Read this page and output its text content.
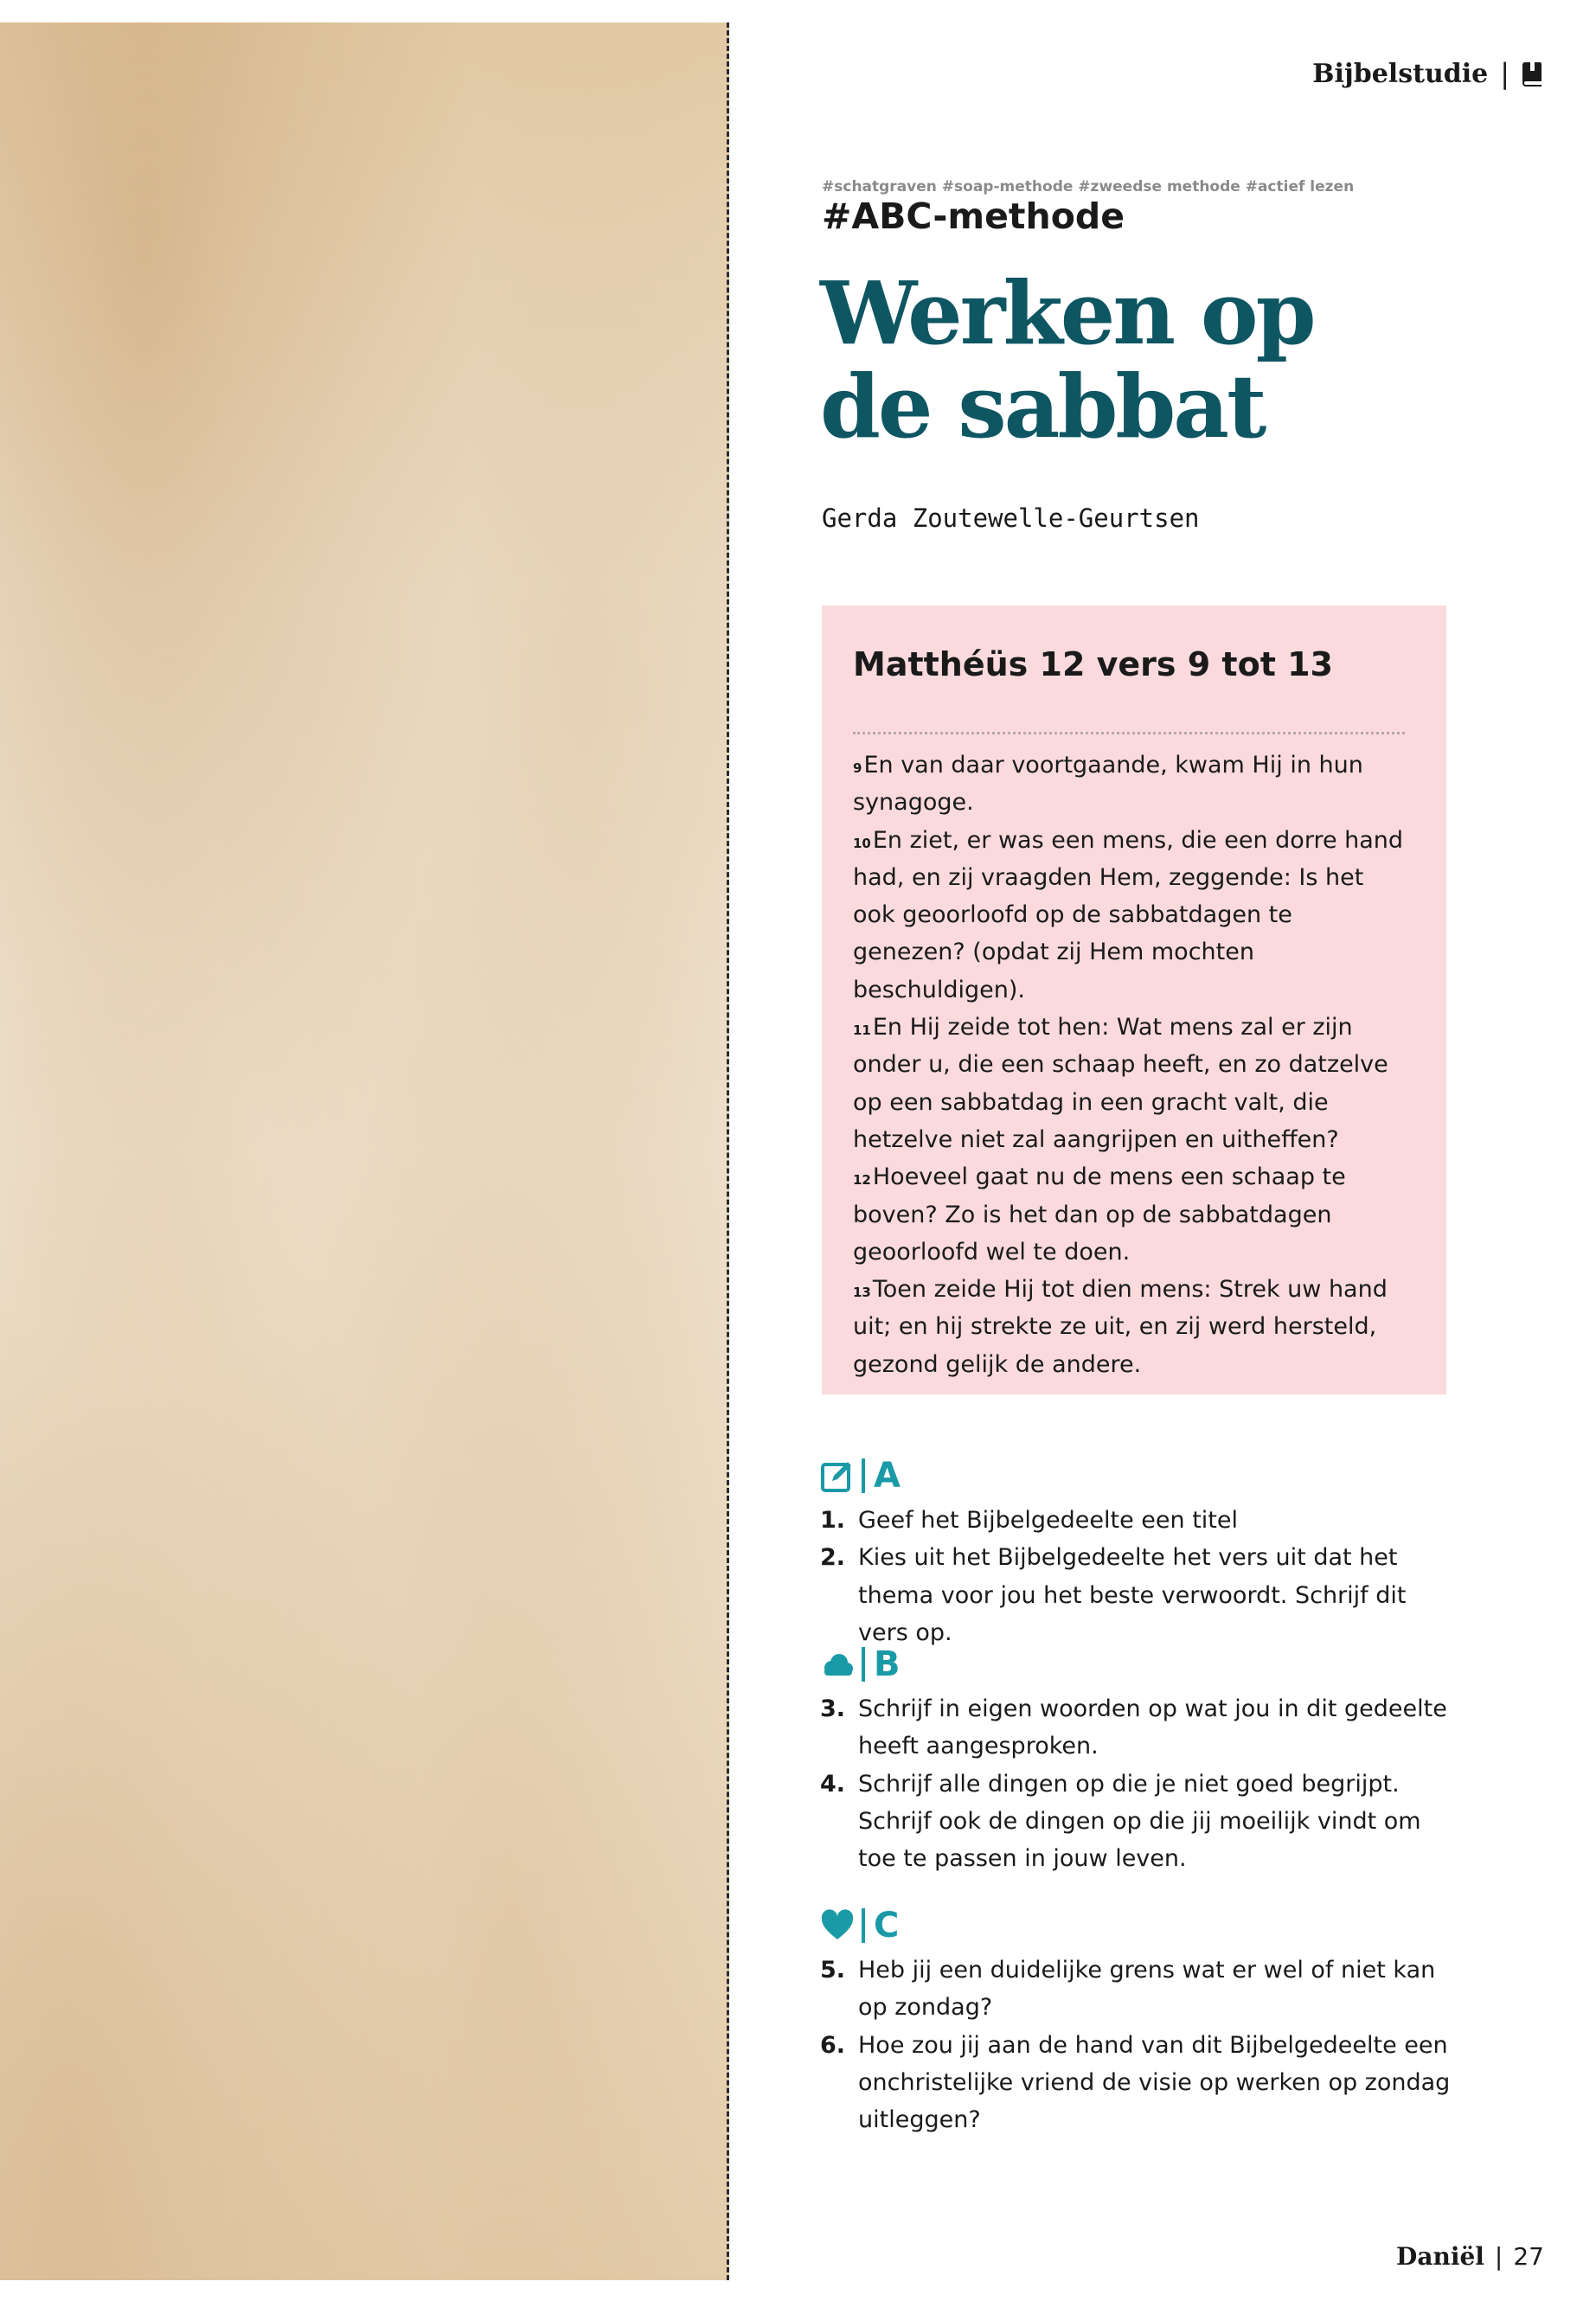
Bijbelstudie |
#schatgraven #soap-methode #zweedse methode #actief lezen
#ABC-methode
Werken op
de sabbat
Gerda Zoutewelle-Geurtsen
Matthéüs 12 vers 9 tot 13
$^9$En van daar voortgaande, kwam Hij in hun synagoge.
$^{10}$En ziet, er was een mens, die een dorre hand had, en zij vraagden Hem, zeggende: Is het ook geoorloofd op de sabbatdagen te genezen? (opdat zij Hem mochten beschuldigen).
$^{11}$En Hij zeide tot hen: Wat mens zal er zijn onder u, die een schaap heeft, en zo datzelve op een sabbatdag in een gracht valt, die hetzelve niet zal aangrijpen en uitheffen?
$^{12}$Hoeveel gaat nu de mens een schaap te boven? Zo is het dan op de sabbatdagen geoorloofd wel te doen.
$^{13}$Toen zeide Hij tot dien mens: Strek uw hand uit; en hij strekte ze uit, en zij werd hersteld, gezond gelijk de andere.
A
1. Geef het Bijbelgedeelte een titel
2. Kies uit het Bijbelgedeelte het vers uit dat het thema voor jou het beste verwoordt. Schrijf dit vers op.
B
3. Schrijf in eigen woorden op wat jou in dit gedeelte heeft aangesproken.
4. Schrijf alle dingen op die je niet goed begrijpt. Schrijf ook de dingen op die jij moeilijk vindt om toe te passen in jouw leven.
C
5. Heb jij een duidelijke grens wat er wel of niet kan op zondag?
6. Hoe zou jij aan de hand van dit Bijbelgedeelte een onchristelijke vriend de visie op werken op zondag uitleggen?
Daniël | 27
